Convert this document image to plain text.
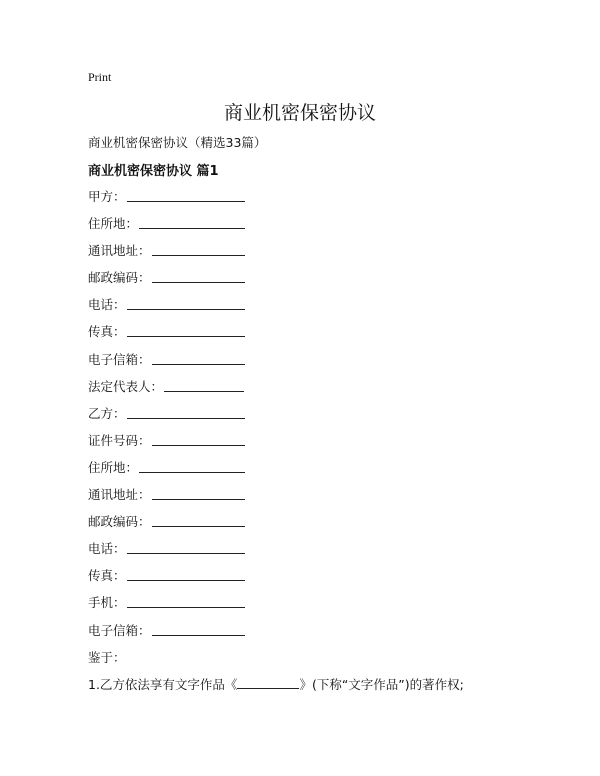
Print
商业机密保密协议
商业机密保密协议（精选33篇）
商业机密保密协议 篇1
甲方：
住所地：
通讯地址：
邮政编码：
电话：
传真：
电子信箱：
法定代表人：
乙方：
证件号码：
住所地：
通讯地址：
邮政编码：
电话：
传真：
手机：
电子信箱：
鉴于：
1.乙方依法享有文字作品《	》(下称“文字作品”)的著作权;
